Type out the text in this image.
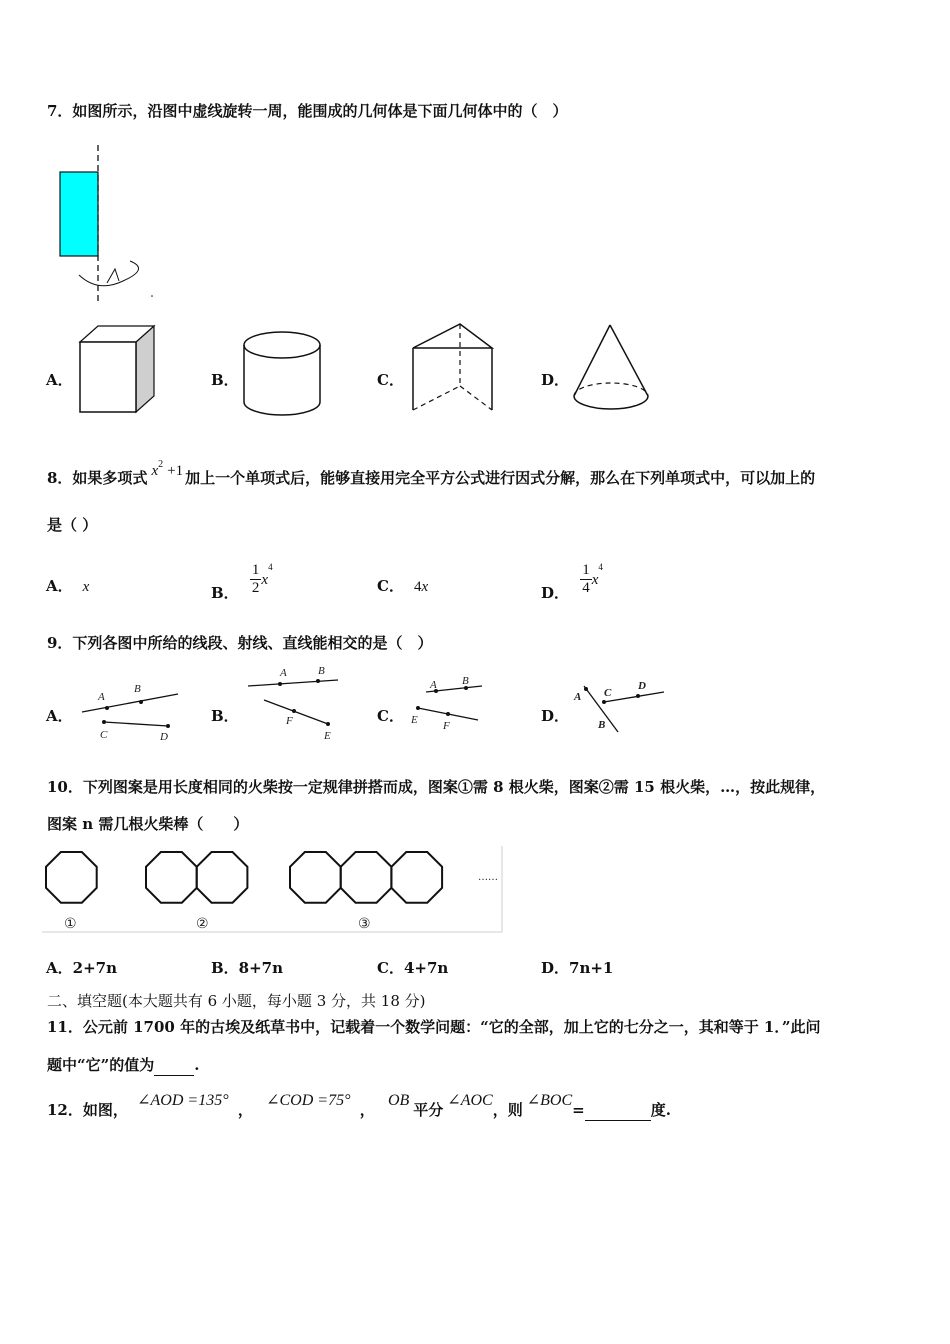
7．如图所示，沿图中虚线旋转一周，能围成的几何体是下面几何体中的（　）
A．	B．	C．	D．
8．如果多项式 $x^2 +1$ 加上一个单项式后，能够直接用完全平方公式进行因式分解，那么在下列单项式中，可以加上的
是（ ）
A． x	B． $\frac{1}{2} x^4$
C． 4x	D． $\frac{1}{4} x^4$
9．下列各图中所给的线段、射线、直线能相交的是（　）
A．
A
B
C	D
B．
A	B
F
E
C．
A B
E F
D．
A C
D
B
10．下列图案是用长度相同的火柴按一定规律拼搭而成，图案①需 8 根火柴，图案②需 15 根火柴，…，按此规律，
图案 n 需几根火柴棒（　　）
①	②	③
……
A．2+7n	B．8+7n	C．4+7n	D．7n+1
二、填空题(本大题共有 6 小题，每小题 3 分，共 18 分)
11．公元前 1700 年的古埃及纸草书中，记载着一个数学问题：“它的全部，加上它的七分之一，其和等于 1．”此问
题中“它”的值为	.
12．如图， ∠AOD =135° ， ∠COD =75° ， OB平分∠AOC，则∠BOC=	度.
